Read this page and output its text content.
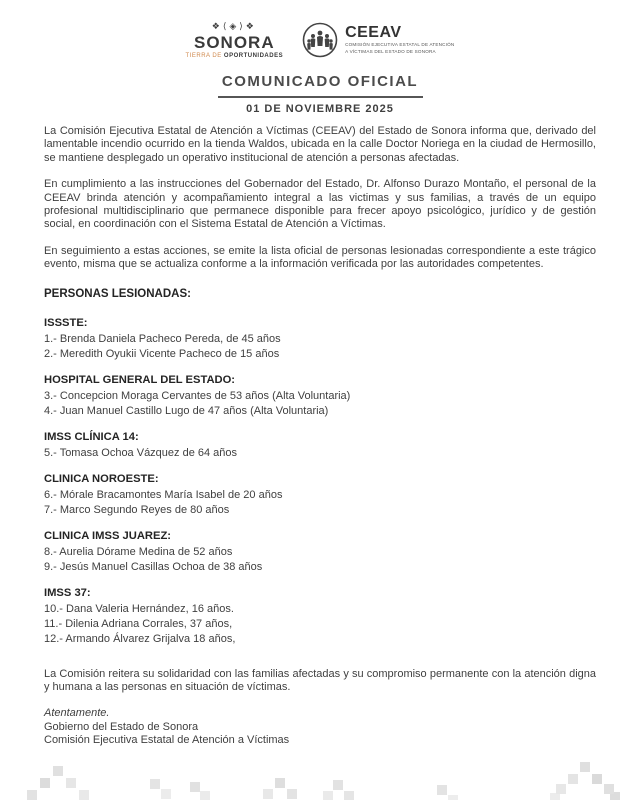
❖⟨◈⟩❖
SONORA
TIERRA DE OPORTUNIDADES
CEEAV
COMISIÓN EJECUTIVA ESTATAL DE ATENCIÓN
A VÍCTIMAS DEL ESTADO DE SONORA
COMUNICADO OFICIAL
01 DE NOVIEMBRE 2025

La Comisión Ejecutiva Estatal de Atención a Víctimas (CEEAV) del Estado de Sonora informa que, derivado del lamentable incendio ocurrido en la tienda Waldos, ubicada en la calle Doctor Noriega en la ciudad de Hermosillo, se mantiene desplegado un operativo institucional de atención a personas afectadas.

En cumplimiento a las instrucciones del Gobernador del Estado, Dr. Alfonso Durazo Montaño, el personal de la CEEAV brinda atención y acompañamiento integral a las victimas y sus familias, a través de un equipo profesional multidisciplinario que permanece disponible para frecer apoyo psicológico, jurídico y de gestión social, en coordinación con el Sistema Estatal de Atención a Víctimas.

En seguimiento a estas acciones, se emite la lista oficial de personas lesionadas correspondiente a este trágico evento, misma que se actualiza conforme a la información verificada por las autoridades competentes.

PERSONAS LESIONADAS:
ISSSTE:
1.- Brenda Daniela Pacheco Pereda, de 45 años
2.- Meredith Oyukii Vicente Pacheco de 15 años
HOSPITAL GENERAL DEL ESTADO:
3.- Concepcion Moraga Cervantes de 53 años (Alta Voluntaria)
4.- Juan Manuel Castillo Lugo de 47 años (Alta Voluntaria)
IMSS CLÍNICA 14:
5.- Tomasa Ochoa Vázquez de 64 años
CLINICA NOROESTE:
6.- Mórale Bracamontes María Isabel de 20 años
7.- Marco Segundo Reyes de 80 años
CLINICA IMSS JUAREZ:
8.- Aurelia Dórame Medina de 52 años
9.- Jesús Manuel Casillas Ochoa de 38 años
IMSS 37:
10.- Dana Valeria Hernández, 16 años.
11.- Dilenia Adriana Corrales, 37 años,
12.- Armando Álvarez Grijalva 18 años,

La Comisión reitera su solidaridad con las familias afectadas y su compromiso permanente con la atención digna y humana a las personas en situación de víctimas.

Atentamente.
Gobierno del Estado de Sonora
Comisión Ejecutiva Estatal de Atención a Víctimas
